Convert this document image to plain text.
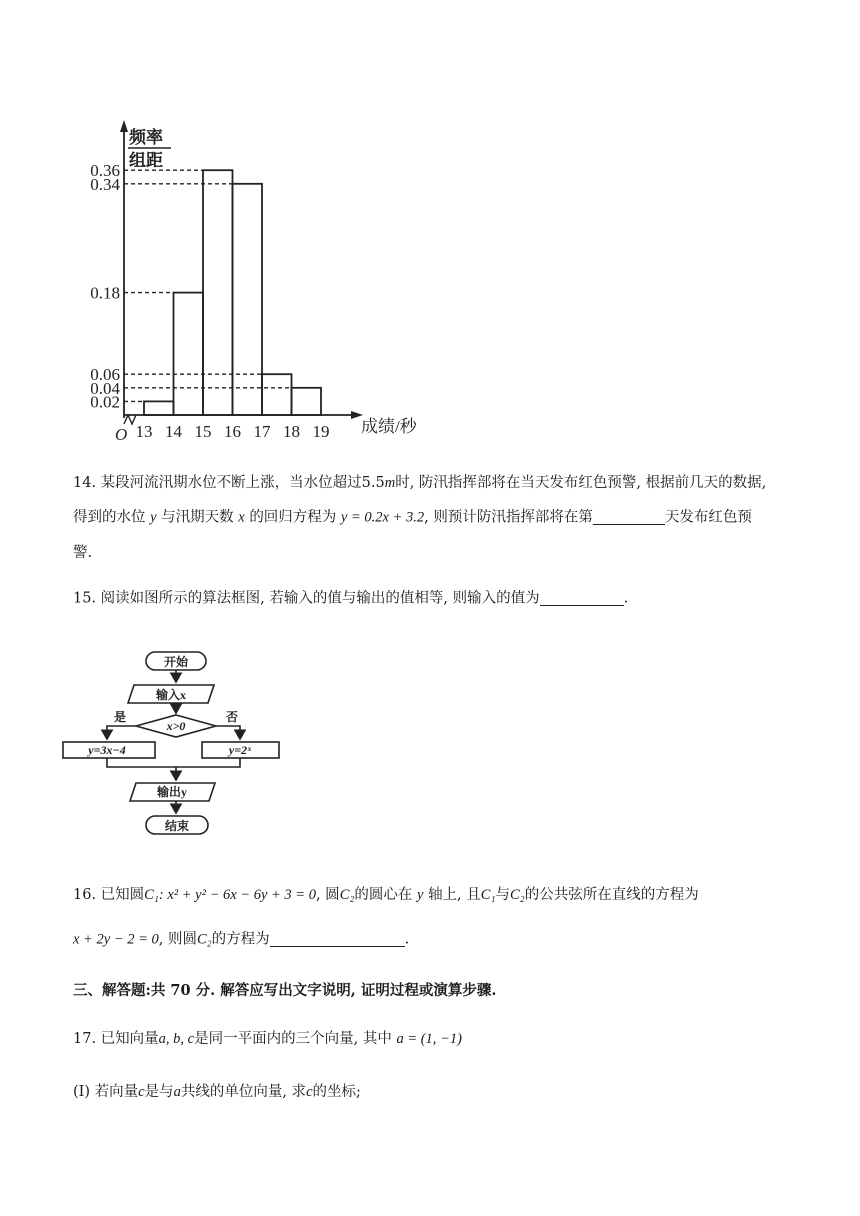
频率
组距
O	成绩/秒
0.36
0.34
0.18
0.06
0.04
0.02
13 14 15 16 17 18 19
14. 某段河流汛期水位不断上涨，当水位超过5.5m时, 防汛指挥部将在当天发布红色预警, 根据前几天的数据,
得到的水位 y 与汛期天数 x 的回归方程为 y = 0.2x + 3.2, 则预计防汛指挥部将在第	天发布红色预
警.
15. 阅读如图所示的算法框图, 若输入的值与输出的值相等, 则输入的值为	.
开始
输入x
x>0
是	否
y=3x−4	y=2ˣ
输出y
结束
16. 已知圆C₁: x² + y² − 6x − 6y + 3 = 0, 圆C₂的圆心在 y 轴上, 且C₁与C₂的公共弦所在直线的方程为
x + 2y − 2 = 0, 则圆C₂的方程为	.
三、解答题:共 70 分. 解答应写出文字说明, 证明过程或演算步骤.
17. 已知向量a, b, c是同一平面内的三个向量, 其中 a = (1, −1)
(Ⅰ) 若向量c是与a共线的单位向量, 求c的坐标;
